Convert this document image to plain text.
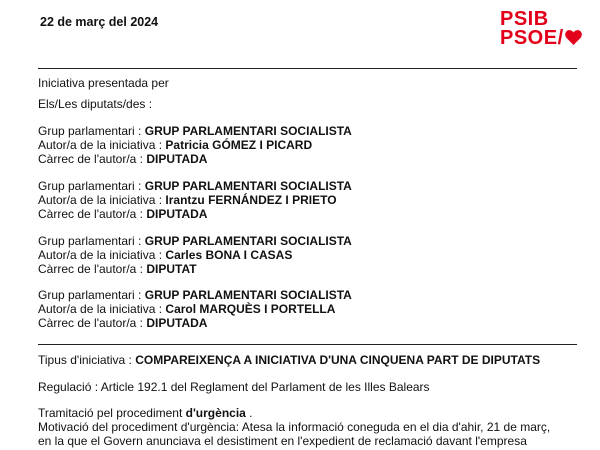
22 de març del 2024	PSIB
PSOE/
Iniciativa presentada per
Els/Les diputats/des :
Grup parlamentari : GRUP PARLAMENTARI SOCIALISTA
Autor/a de la iniciativa : Patricia GÓMEZ I PICARD
Càrrec de l'autor/a : DIPUTADA
Grup parlamentari : GRUP PARLAMENTARI SOCIALISTA
Autor/a de la iniciativa : Irantzu FERNÁNDEZ I PRIETO
Càrrec de l'autor/a : DIPUTADA
Grup parlamentari : GRUP PARLAMENTARI SOCIALISTA
Autor/a de la iniciativa : Carles BONA I CASAS
Càrrec de l'autor/a : DIPUTAT
Grup parlamentari : GRUP PARLAMENTARI SOCIALISTA
Autor/a de la iniciativa : Carol MARQUÈS I PORTELLA
Càrrec de l'autor/a : DIPUTADA
Tipus d'iniciativa : COMPAREIXENÇA A INICIATIVA D'UNA CINQUENA PART DE DIPUTATS
Regulació : Article 192.1 del Reglament del Parlament de les Illes Balears
Tramitació pel procediment d'urgència .
Motivació del procediment d'urgència: Atesa la informació coneguda en el dia d'ahir, 21 de març,
en la que el Govern anunciava el desistiment en l'expedient de reclamació davant l'empresa
